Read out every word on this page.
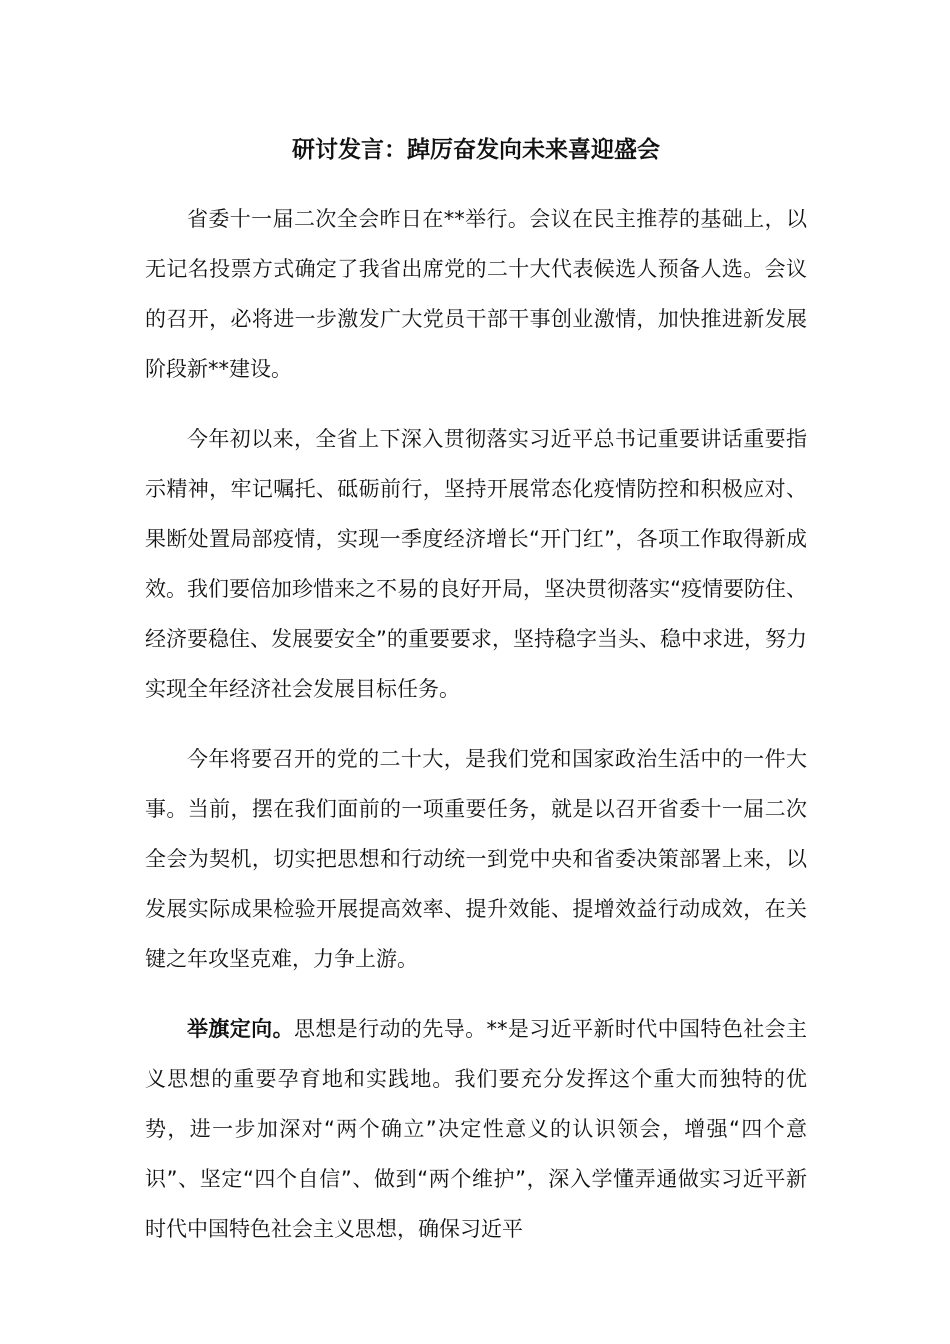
研讨发言：踔厉奋发向未来喜迎盛会

省委十一届二次全会昨日在**举行。会议在民主推荐的基础上，以无记名投票方式确定了我省出席党的二十大代表候选人预备人选。会议的召开，必将进一步激发广大党员干部干事创业激情，加快推进新发展阶段新**建设。

今年初以来，全省上下深入贯彻落实习近平总书记重要讲话重要指示精神，牢记嘱托、砥砺前行，坚持开展常态化疫情防控和积极应对、果断处置局部疫情，实现一季度经济增长“开门红”，各项工作取得新成效。我们要倍加珍惜来之不易的良好开局，坚决贯彻落实“疫情要防住、经济要稳住、发展要安全”的重要要求，坚持稳字当头、稳中求进，努力实现全年经济社会发展目标任务。

今年将要召开的党的二十大，是我们党和国家政治生活中的一件大事。当前，摆在我们面前的一项重要任务，就是以召开省委十一届二次全会为契机，切实把思想和行动统一到党中央和省委决策部署上来，以发展实际成果检验开展提高效率、提升效能、提增效益行动成效，在关键之年攻坚克难，力争上游。

举旗定向。思想是行动的先导。**是习近平新时代中国特色社会主义思想的重要孕育地和实践地。我们要充分发挥这个重大而独特的优势，进一步加深对“两个确立”决定性意义的认识领会，增强“四个意识”、坚定“四个自信”、做到“两个维护”，深入学懂弄通做实习近平新时代中国特色社会主义思想，确保习近平
